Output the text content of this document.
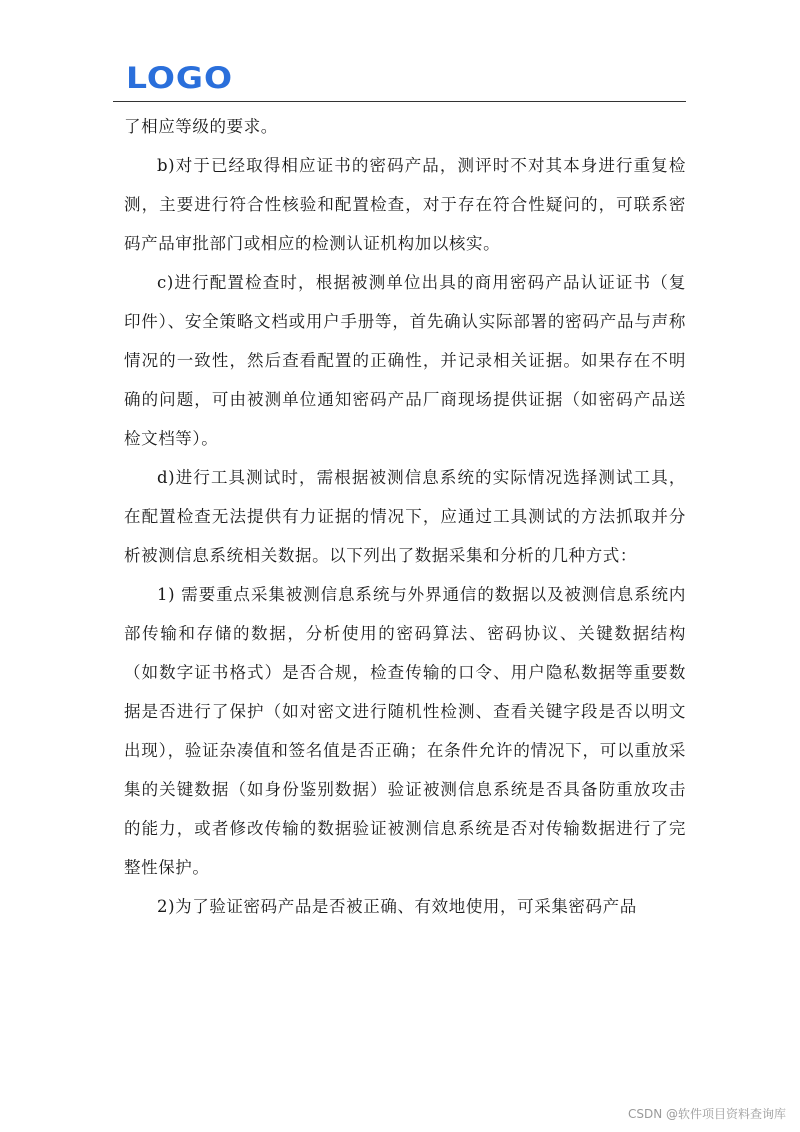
LOGO

了相应等级的要求。

b)对于已经取得相应证书的密码产品，测评时不对其本身进行重复检测，主要进行符合性核验和配置检查，对于存在符合性疑问的，可联系密码产品审批部门或相应的检测认证机构加以核实。

c)进行配置检查时，根据被测单位出具的商用密码产品认证证书（复印件）、安全策略文档或用户手册等，首先确认实际部署的密码产品与声称情况的一致性，然后查看配置的正确性，并记录相关证据。如果存在不明确的问题，可由被测单位通知密码产品厂商现场提供证据（如密码产品送检文档等）。

d)进行工具测试时，需根据被测信息系统的实际情况选择测试工具，在配置检查无法提供有力证据的情况下，应通过工具测试的方法抓取并分析被测信息系统相关数据。以下列出了数据采集和分析的几种方式：

1) 需要重点采集被测信息系统与外界通信的数据以及被测信息系统内部传输和存储的数据，分析使用的密码算法、密码协议、关键数据结构（如数字证书格式）是否合规，检查传输的口令、用户隐私数据等重要数据是否进行了保护（如对密文进行随机性检测、查看关键字段是否以明文出现），验证杂凑值和签名值是否正确；在条件允许的情况下，可以重放采集的关键数据（如身份鉴别数据）验证被测信息系统是否具备防重放攻击的能力，或者修改传输的数据验证被测信息系统是否对传输数据进行了完整性保护。

2)为了验证密码产品是否被正确、有效地使用，可采集密码产品

CSDN @软件项目资料查询库
